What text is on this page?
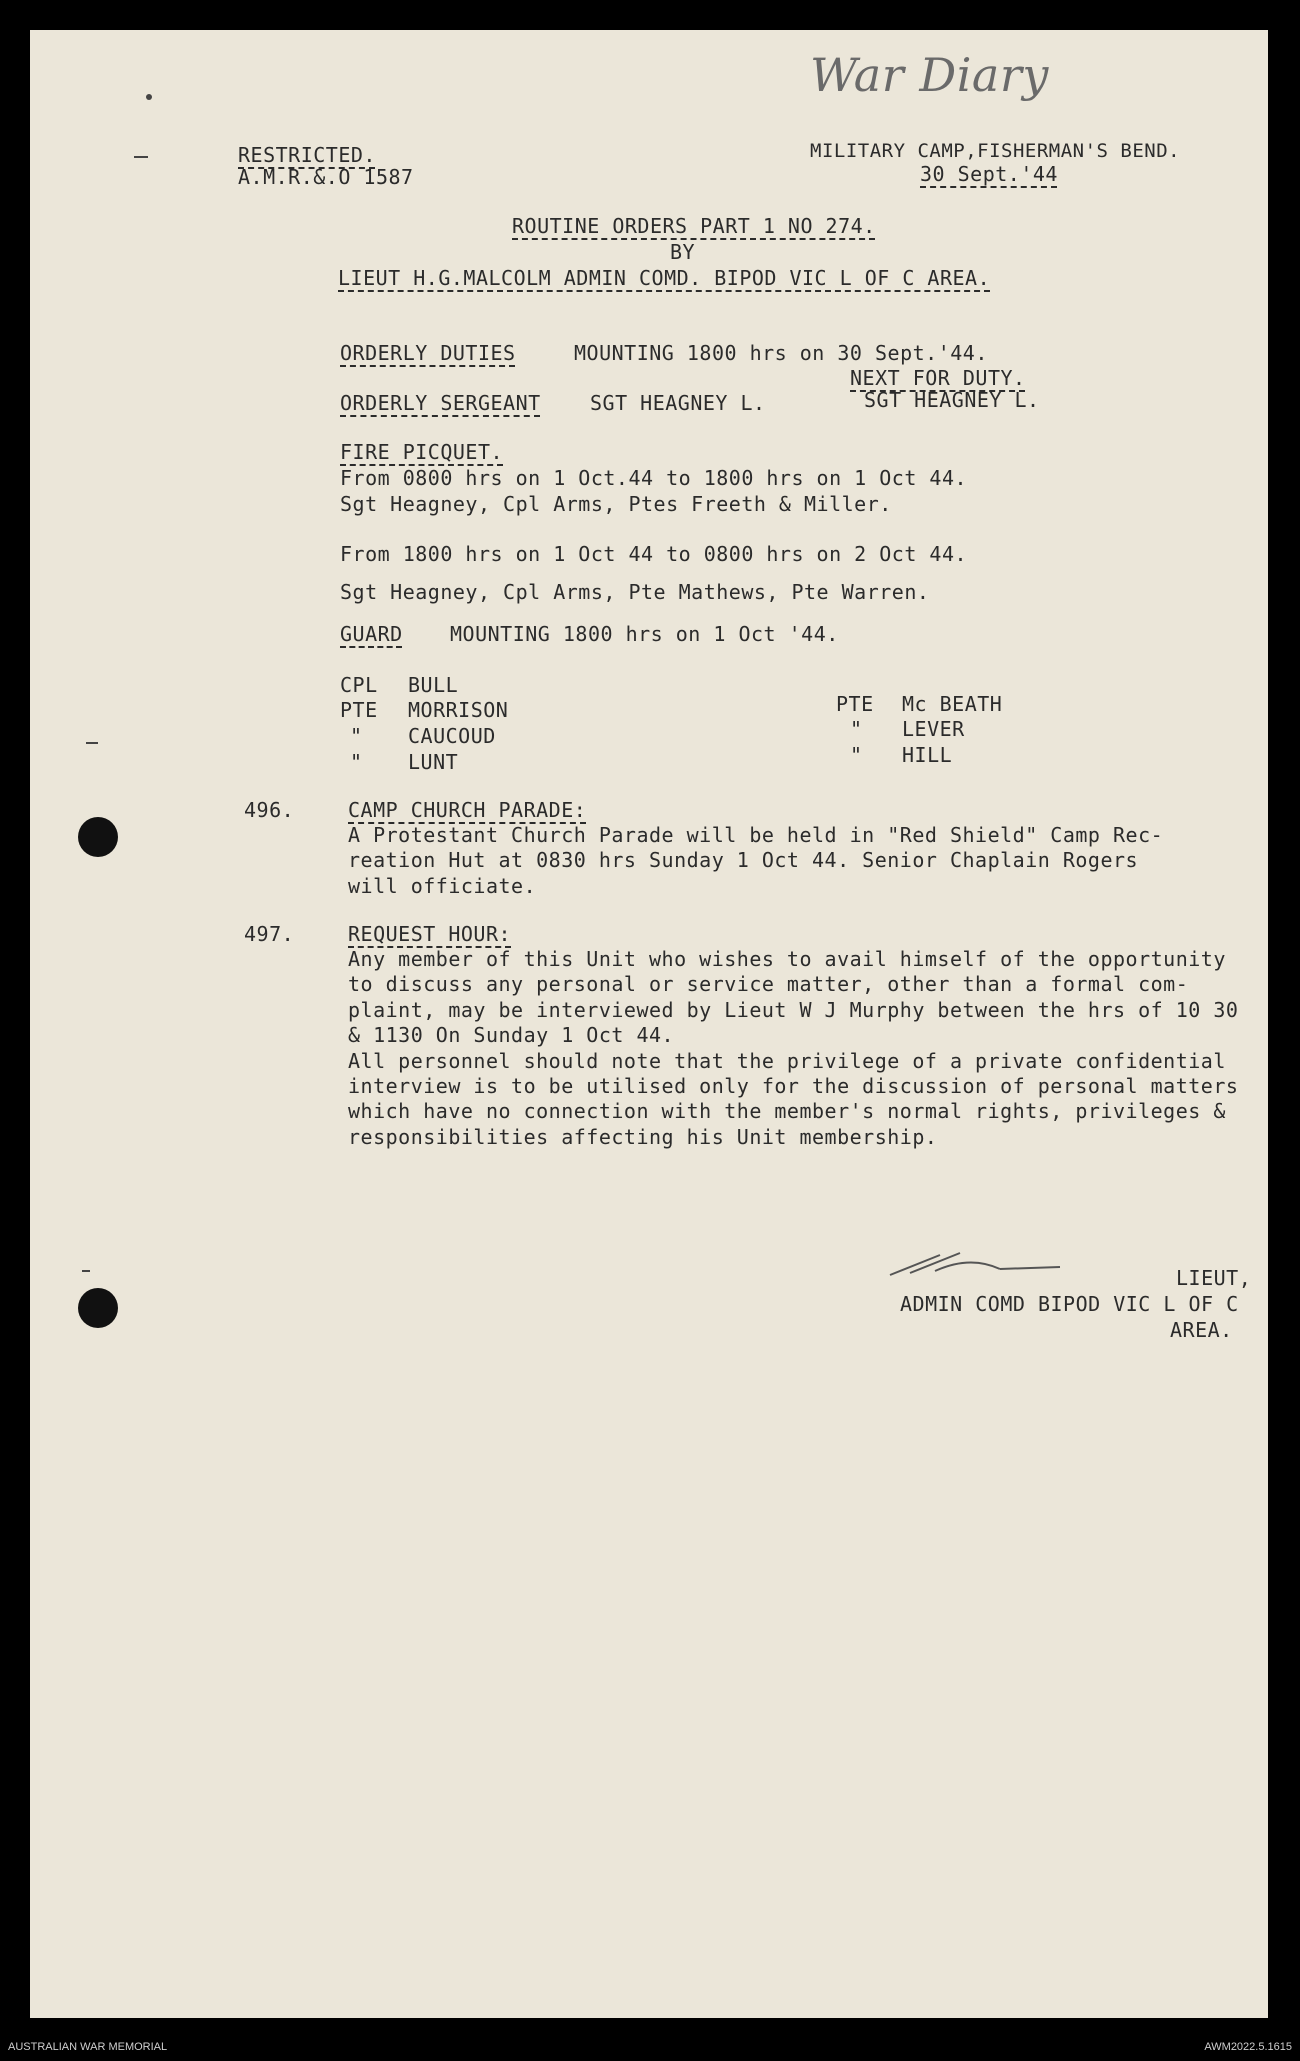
War Diary
RESTRICTED.
A.M.R.&.O 1587
MILITARY CAMP,FISHERMAN'S BEND.
30 Sept.'44
ROUTINE ORDERS PART 1 NO 274.
BY
LIEUT H.G.MALCOLM ADMIN COMD. BIPOD VIC L OF C AREA.
ORDERLY DUTIES	MOUNTING 1800 hrs on 30 Sept.'44.
NEXT FOR DUTY.
ORDERLY SERGEANT SGT HEAGNEY L.	SGT HEAGNEY L.
FIRE PICQUET.
From 0800 hrs on 1 Oct.44 to 1800 hrs on 1 Oct 44.
Sgt Heagney, Cpl Arms, Ptes Freeth & Miller.
From 1800 hrs on 1 Oct 44 to 0800 hrs on 2 Oct 44.
Sgt Heagney, Cpl Arms, Pte Mathews, Pte Warren.
GUARD MOUNTING 1800 hrs on 1 Oct '44.
CPL BULL
PTE MORRISON
" CAUCOUD
" LUNT
PTE Mc BEATH
" LEVER
" HILL
496.	CAMP CHURCH PARADE:
A Protestant Church Parade will be held in "Red Shield" Camp Rec-
reation Hut at 0830 hrs Sunday 1 Oct 44. Senior Chaplain Rogers
will officiate.
497.	REQUEST HOUR:
Any member of this Unit who wishes to avail himself of the opportunity
to discuss any personal or service matter, other than a formal com-
plaint, may be interviewed by Lieut W J Murphy between the hrs of 10 30
& 1130 On Sunday 1 Oct 44.
All personnel should note that the privilege of a private confidential
interview is to be utilised only for the discussion of personal matters
which have no connection with the member's normal rights, privileges &
responsibilities affecting his Unit membership.
LIEUT,
ADMIN COMD BIPOD VIC L OF C
AREA.
AUSTRALIAN WAR MEMORIAL	AWM2022.5.1615
